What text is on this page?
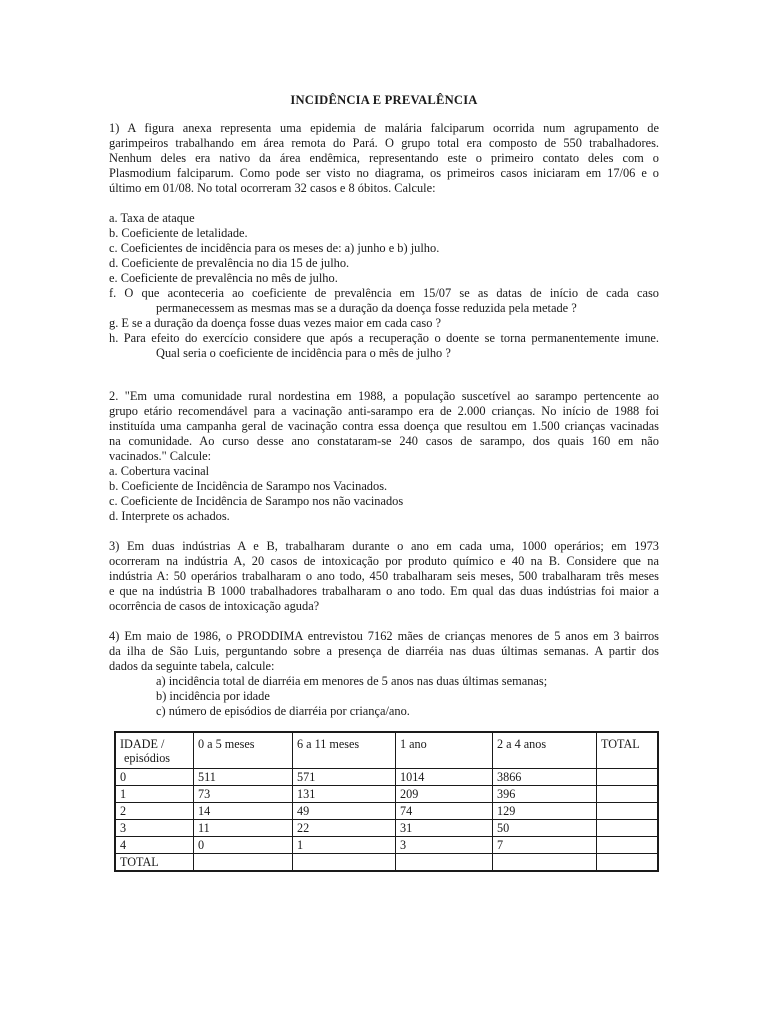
INCIDÊNCIA E PREVALÊNCIA
1) A figura anexa representa uma epidemia de malária falciparum ocorrida num agrupamento de
garimpeiros trabalhando em área remota do Pará. O grupo total era composto de 550 trabalhadores.
Nenhum deles era nativo da área endêmica, representando este o primeiro contato deles com o
Plasmodium falciparum. Como pode ser visto no diagrama, os primeiros casos iniciaram em 17/06 e o
último em 01/08. No total ocorreram 32 casos e 8 óbitos. Calcule:
a. Taxa de ataque
b. Coeficiente de letalidade.
c. Coeficientes de incidência para os meses de: a) junho e b) julho.
d. Coeficiente de prevalência no dia 15 de julho.
e. Coeficiente de prevalência no mês de julho.
f. O que aconteceria ao coeficiente de prevalência em 15/07 se as datas de início de cada caso
permanecessem as mesmas mas se a duração da doença fosse reduzida pela metade ?
g. E se a duração da doença fosse duas vezes maior em cada caso ?
h. Para efeito do exercício considere que após a recuperação o doente se torna permanentemente imune.
Qual seria o coeficiente de incidência para o mês de julho ?
2. "Em uma comunidade rural nordestina em 1988, a população suscetível ao sarampo pertencente ao
grupo etário recomendável para a vacinação anti-sarampo era de 2.000 crianças. No início de 1988 foi
instituída uma campanha geral de vacinação contra essa doença que resultou em 1.500 crianças vacinadas
na comunidade. Ao curso desse ano constataram-se 240 casos de sarampo, dos quais 160 em não
vacinados." Calcule:
a. Cobertura vacinal
b. Coeficiente de Incidência de Sarampo nos Vacinados.
c. Coeficiente de Incidência de Sarampo nos não vacinados
d. Interprete os achados.
3) Em duas indústrias A e B, trabalharam durante o ano em cada uma, 1000 operários; em 1973
ocorreram na indústria A, 20 casos de intoxicação por produto químico e 40 na B. Considere que na
indústria A: 50 operários trabalharam o ano todo, 450 trabalharam seis meses, 500 trabalharam três meses
e que na indústria B 1000 trabalhadores trabalharam o ano todo. Em qual das duas indústrias foi maior a
ocorrência de casos de intoxicação aguda?
4) Em maio de 1986, o PRODDIMA entrevistou 7162 mães de crianças menores de 5 anos em 3 bairros
da ilha de São Luis, perguntando sobre a presença de diarréia nas duas últimas semanas. A partir dos
dados da seguinte tabela, calcule:
a) incidência total de diarréia em menores de 5 anos nas duas últimas semanas;
b) incidência por idade
c) número de episódios de diarréia por criança/ano.
IDADE /
episódios	0 a 5 meses	6 a 11 meses	1 ano	2 a 4 anos	TOTAL
0	511	571	1014	3866	
1	73	131	209	396	
2	14	49	74	129	
3	11	22	31	50	
4	0	1	3	7	
TOTAL					
